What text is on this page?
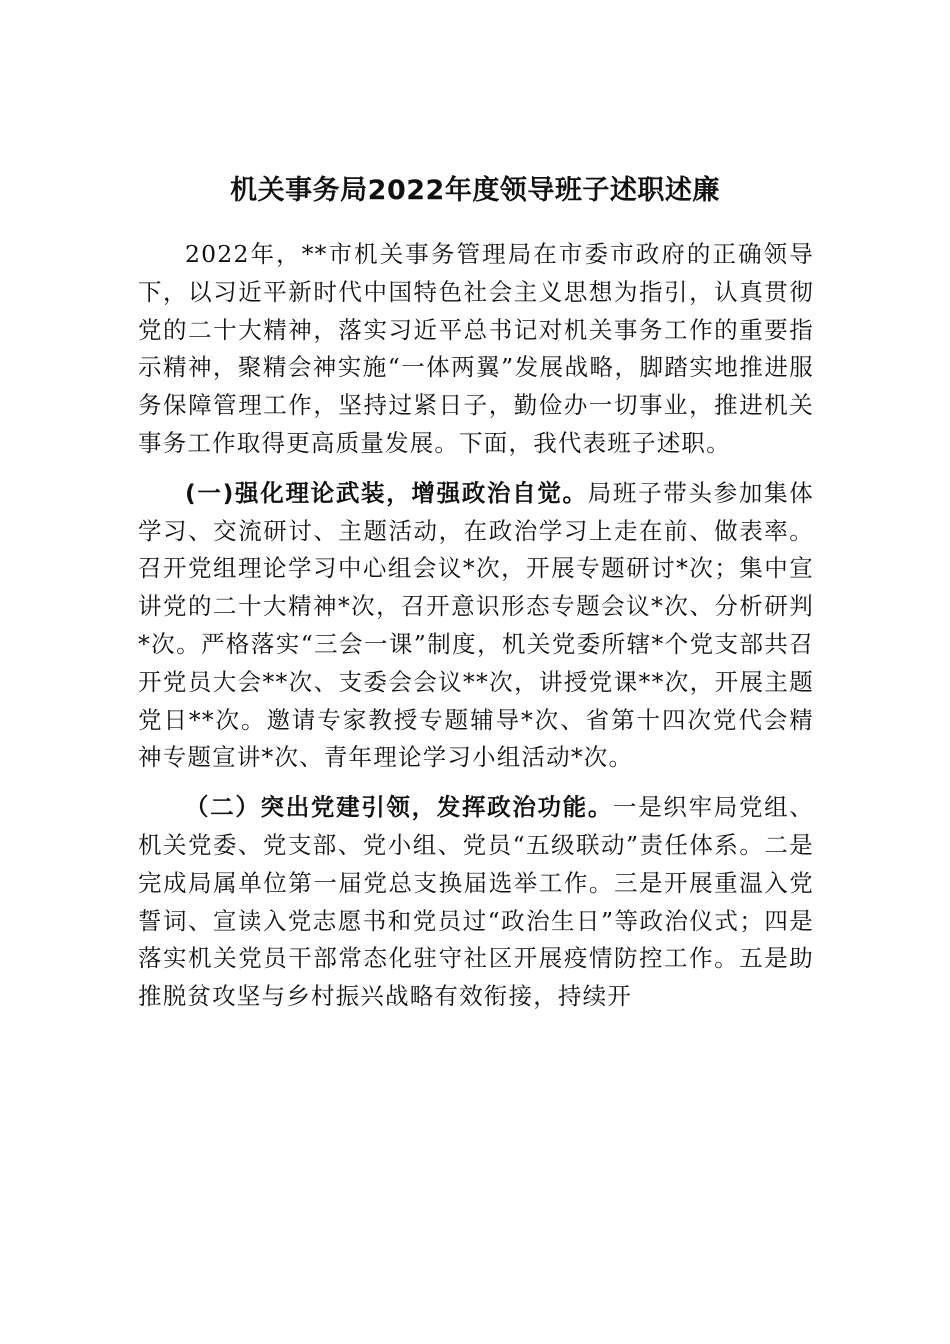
机关事务局2022年度领导班子述职述廉

2022年，**市机关事务管理局在市委市政府的正确领导下，以习近平新时代中国特色社会主义思想为指引，认真贯彻党的二十大精神，落实习近平总书记对机关事务工作的重要指示精神，聚精会神实施“一体两翼”发展战略，脚踏实地推进服务保障管理工作，坚持过紧日子，勤俭办一切事业，推进机关事务工作取得更高质量发展。下面，我代表班子述职。

(一)强化理论武装，增强政治自觉。局班子带头参加集体学习、交流研讨、主题活动，在政治学习上走在前、做表率。召开党组理论学习中心组会议*次，开展专题研讨*次；集中宣讲党的二十大精神*次，召开意识形态专题会议*次、分析研判*次。严格落实“三会一课”制度，机关党委所辖*个党支部共召开党员大会**次、支委会会议**次，讲授党课**次，开展主题党日**次。邀请专家教授专题辅导*次、省第十四次党代会精神专题宣讲*次、青年理论学习小组活动*次。

（二）突出党建引领，发挥政治功能。一是织牢局党组、机关党委、党支部、党小组、党员“五级联动”责任体系。二是完成局属单位第一届党总支换届选举工作。三是开展重温入党誓词、宣读入党志愿书和党员过“政治生日”等政治仪式；四是落实机关党员干部常态化驻守社区开展疫情防控工作。五是助推脱贫攻坚与乡村振兴战略有效衔接，持续开
